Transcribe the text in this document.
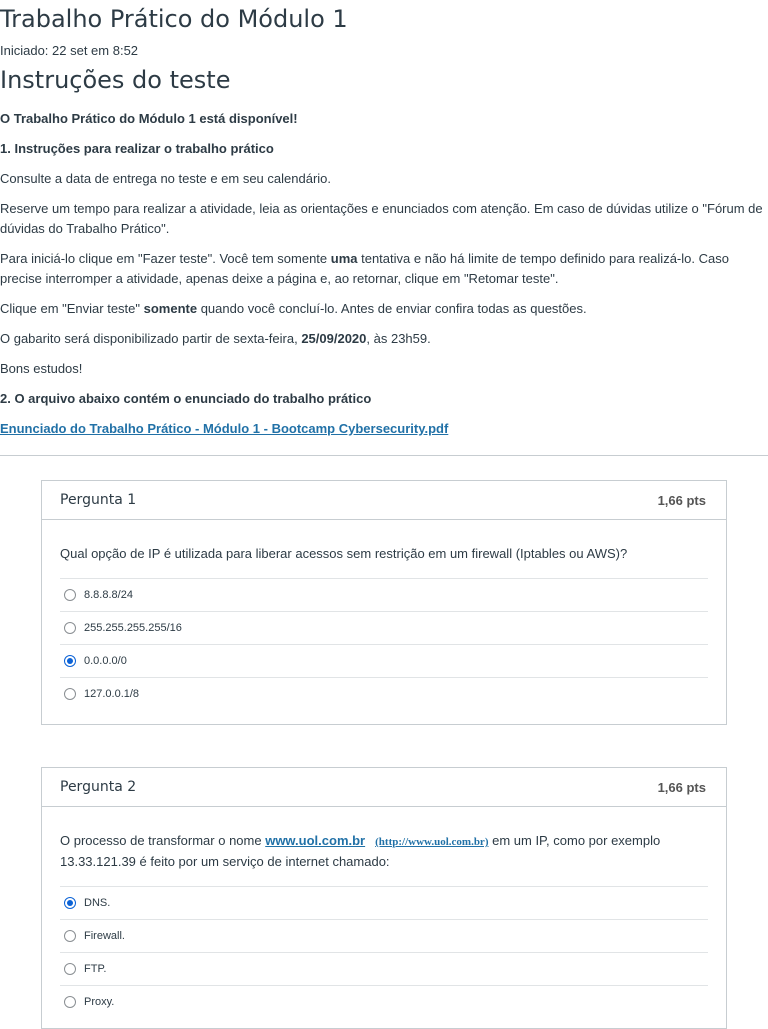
Trabalho Prático do Módulo 1
Iniciado: 22 set em 8:52
Instruções do teste

O Trabalho Prático do Módulo 1 está disponível!

1. Instruções para realizar o trabalho prático

Consulte a data de entrega no teste e em seu calendário.

Reserve um tempo para realizar a atividade, leia as orientações e enunciados com atenção. Em caso de dúvidas utilize o "Fórum de dúvidas do Trabalho Prático".

Para iniciá-lo clique em "Fazer teste". Você tem somente uma tentativa e não há limite de tempo definido para realizá-lo. Caso precise interromper a atividade, apenas deixe a página e, ao retornar, clique em "Retomar teste".

Clique em "Enviar teste" somente quando você concluí-lo. Antes de enviar confira todas as questões.

O gabarito será disponibilizado partir de sexta-feira, 25/09/2020, às 23h59.

Bons estudos!

2. O arquivo abaixo contém o enunciado do trabalho prático

Enunciado do Trabalho Prático - Módulo 1 - Bootcamp Cybersecurity.pdf

Pergunta 1	1,66 pts

Qual opção de IP é utilizada para liberar acessos sem restrição em um firewall (Iptables ou AWS)?

8.8.8.8/24
255.255.255.255/16
0.0.0.0/0
127.0.0.1/8
Pergunta 2	1,66 pts

O processo de transformar o nome www.uol.com.br (http://www.uol.com.br) em um IP, como por exemplo 13.33.121.39 é feito por um serviço de internet chamado:

DNS.
Firewall.
FTP.
Proxy.
